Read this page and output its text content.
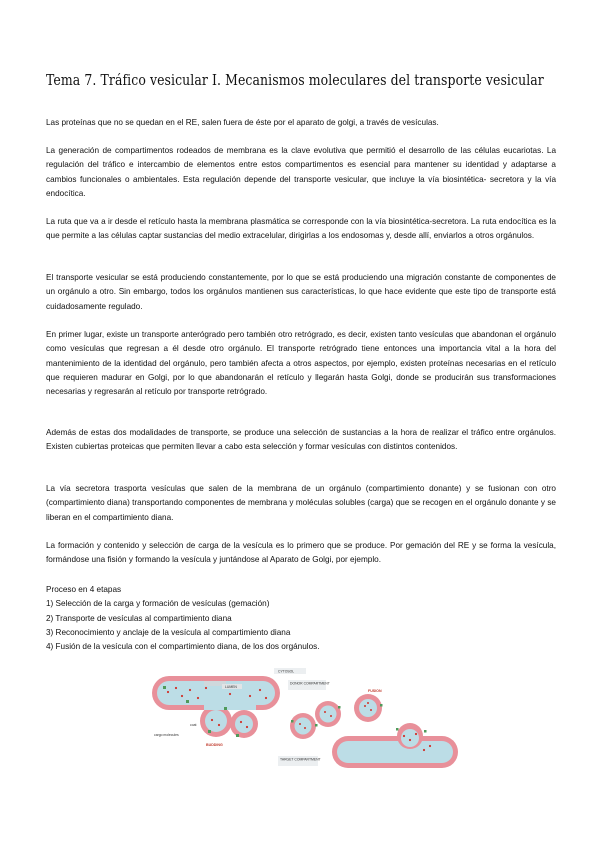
Tema 7. Tráfico vesicular I. Mecanismos moleculares del transporte vesicular
Las proteínas que no se quedan en el RE, salen fuera de éste por el aparato de golgi, a través de vesículas.
La generación de compartimentos rodeados de membrana es la clave evolutiva que permitió el desarrollo de las células eucariotas. La regulación del tráfico e intercambio de elementos entre estos compartimentos es esencial para mantener su identidad y adaptarse a cambios funcionales o ambientales. Esta regulación depende del transporte vesicular, que incluye la vía biosintética- secretora y la vía endocítica.
La ruta que va a ir desde el retículo hasta la membrana plasmática se corresponde con la vía biosintética-secretora. La ruta endocítica es la que permite a las células captar sustancias del medio extracelular, dirigirlas a los endosomas y, desde allí, enviarlos a otros orgánulos.
El transporte vesicular se está produciendo constantemente, por lo que se está produciendo una migración constante de componentes de un orgánulo a otro. Sin embargo, todos los orgánulos mantienen sus características, lo que hace evidente que este tipo de transporte está cuidadosamente regulado.
En primer lugar, existe un transporte anterógrado pero también otro retrógrado, es decir, existen tanto vesículas que abandonan el orgánulo como vesículas que regresan a él desde otro orgánulo. El transporte retrógrado tiene entonces una importancia vital a la hora del mantenimiento de la identidad del orgánulo, pero también afecta a otros aspectos, por ejemplo, existen proteínas necesarias en el retículo que requieren madurar en Golgi, por lo que abandonarán el retículo y llegarán hasta Golgi, donde se producirán sus transformaciones necesarias y regresarán al retículo por transporte retrógrado.
Además de estas dos modalidades de transporte, se produce una selección de sustancias a la hora de realizar el tráfico entre orgánulos. Existen cubiertas proteicas que permiten llevar a cabo esta selección y formar vesículas con distintos contenidos.
La vía secretora trasporta vesículas que salen de la membrana de un orgánulo (compartimiento donante) y se fusionan con otro (compartimiento diana) transportando componentes de membrana y moléculas solubles (carga) que se recogen en el orgánulo donante y se liberan en el compartimiento diana.
La formación y contenido y selección de carga de la vesícula es lo primero que se produce. Por gemación del RE y se forma la vesícula, formándose una fisión y formando la vesícula y juntándose al Aparato de Golgi, por ejemplo.
Proceso en 4 etapas
1) Selección de la carga y formación de vesículas (gemación)
2) Transporte de vesículas al compartimiento diana
3) Reconocimiento y anclaje de la vesícula al compartimiento diana
4) Fusión de la vesícula con el compartimiento diana, de los dos orgánulos.
CYTOSOL
LUMEN
DONOR COMPARTMENT
FUSION
cargo molecules
coat
BUDDING
TARGET COMPARTMENT
